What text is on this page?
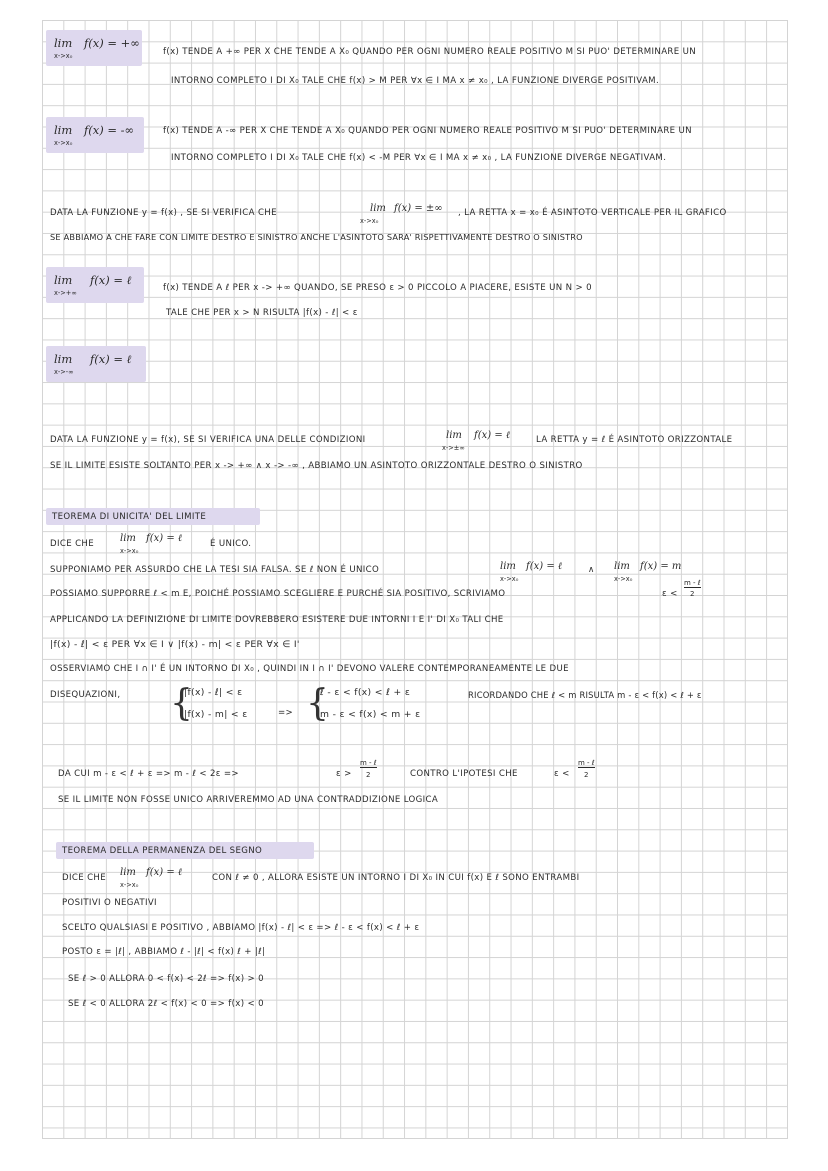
lim f(x) = +∞
x->x₀	f(x) TENDE A +∞ PER X CHE TENDE A X₀ QUANDO PER OGNI NUMERO REALE POSITIVO M SI PUO' DETERMINARE UN
INTORNO COMPLETO I DI X₀ TALE CHE f(x) > M PER ∀x ∈ I MA x ≠ x₀ , LA FUNZIONE DIVERGE POSITIVAM.
lim f(x) = -∞
x->x₀
f(x) TENDE A -∞ PER X CHE TENDE A X₀ QUANDO PER OGNI NUMERO REALE POSITIVO M SI PUO' DETERMINARE UN
INTORNO COMPLETO I DI X₀ TALE CHE f(x) < -M PER ∀x ∈ I MA x ≠ x₀ , LA FUNZIONE DIVERGE NEGATIVAM.
DATA LA FUNZIONE y = f(x) , SE SI VERIFICA CHE	lim f(x) = ±∞
x->x₀
, LA RETTA x = x₀ É ASINTOTO VERTICALE PER IL GRAFICO
SE ABBIAMO A CHE FARE CON LIMITE DESTRO E SINISTRO ANCHE L'ASINTOTO SARA' RISPETTIVAMENTE DESTRO O SINISTRO
lim f(x) = ℓ
x->+∞	f(x) TENDE A ℓ PER x -> +∞ QUANDO, SE PRESO ε > 0 PICCOLO A PIACERE, ESISTE UN N > 0
TALE CHE PER x > N RISULTA |f(x) - ℓ| < ε
lim f(x) = ℓ
x->-∞
DATA LA FUNZIONE y = f(x), SE SI VERIFICA UNA DELLE CONDIZIONI	lim f(x) = ℓ
x->±∞
LA RETTA y = ℓ É ASINTOTO ORIZZONTALE
SE IL LIMITE ESISTE SOLTANTO PER x -> +∞ ∧ x -> -∞ , ABBIAMO UN ASINTOTO ORIZZONTALE DESTRO O SINISTRO
TEOREMA DI UNICITA' DEL LIMITE
DICE CHE	lim f(x) = ℓ
x->x₀
É UNICO.
SUPPONIAMO PER ASSURDO CHE LA TESI SIA FALSA. SE ℓ NON É UNICO	lim f(x) = ℓ
x->x₀
∧ lim f(x) = m
x->x₀
POSSIAMO SUPPORRE ℓ < m E, POICHÉ POSSIAMO SCEGLIERE E PURCHÉ SIA POSITIVO, SCRIVIAMO	ε <
m - ℓ
2
APPLICANDO LA DEFINIZIONE DI LIMITE DOVREBBERO ESISTERE DUE INTORNI I E I' DI X₀ TALI CHE
|f(x) - ℓ| < ε PER ∀x ∈ I ∨ |f(x) - m| < ε PER ∀x ∈ I'
OSSERVIAMO CHE I ∩ I' É UN INTORNO DI X₀ , QUINDI IN I ∩ I' DEVONO VALERE CONTEMPORANEAMENTE LE DUE
DISEQUAZIONI, {
|f(x) - ℓ| < ε
|f(x) - m| < ε	=> {
ℓ - ε < f(x) < ℓ + ε
m - ε < f(x) < m + ε
RICORDANDO CHE ℓ < m RISULTA m - ε < f(x) < ℓ + ε
DA CUI m - ε < ℓ + ε => m - ℓ < 2ε =>	ε >
m - ℓ
2	CONTRO L'IPOTESI CHE	ε <
m - ℓ
2
SE IL LIMITE NON FOSSE UNICO ARRIVEREMMO AD UNA CONTRADDIZIONE LOGICA
TEOREMA DELLA PERMANENZA DEL SEGNO
DICE CHE lim f(x) = ℓ
x->x₀
CON ℓ ≠ 0 , ALLORA ESISTE UN INTORNO I DI X₀ IN CUI f(x) E ℓ SONO ENTRAMBI
POSITIVI O NEGATIVI
SCELTO QUALSIASI E POSITIVO , ABBIAMO |f(x) - ℓ| < ε => ℓ - ε < f(x) < ℓ + ε
POSTO ε = |ℓ| , ABBIAMO ℓ - |ℓ| < f(x) ℓ + |ℓ|
SE ℓ > 0 ALLORA 0 < f(x) < 2ℓ => f(x) > 0
SE ℓ < 0 ALLORA 2ℓ < f(x) < 0 => f(x) < 0
